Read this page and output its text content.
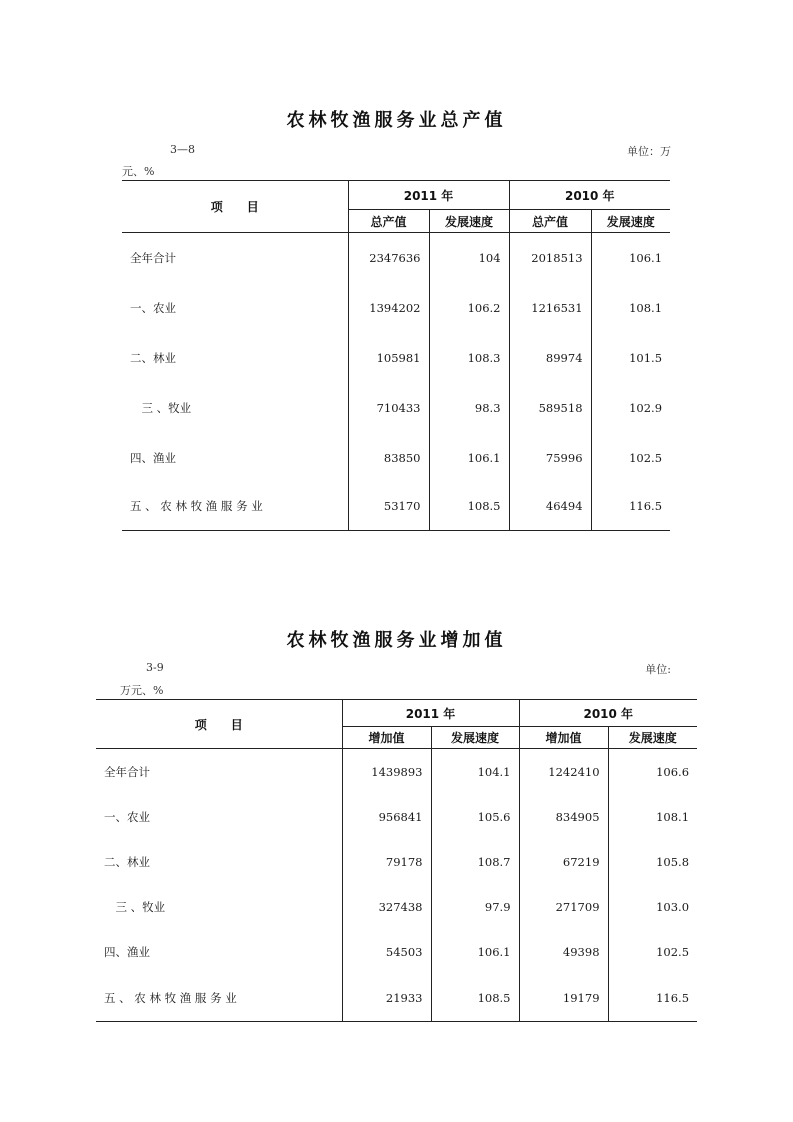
农林牧渔服务业总产值
3—8	单位：万
元、%
项　　目	2011 年		2010 年	
	总产值	发展速度	总产值	发展速度
全年合计	2347636	104	2018513	106.1
一、农业	1394202	106.2	1216531	108.1
二、林业	105981	108.3	89974	101.5
　三 、牧业	710433	98.3	589518	102.9
四、渔业	83850	106.1	75996	102.5
五 、 农 林 牧 渔 服 务 业	53170	108.5	46494	116.5
农林牧渔服务业增加值
3-9	单位:
万元、%
项　　目	2011 年		2010 年	
	增加值	发展速度	增加值	发展速度
全年合计	1439893	104.1	1242410	106.6
一、农业	956841	105.6	834905	108.1
二、林业	79178	108.7	67219	105.8
　三 、牧业	327438	97.9	271709	103.0
四、渔业	54503	106.1	49398	102.5
五 、 农 林 牧 渔 服 务 业	21933	108.5	19179	116.5
